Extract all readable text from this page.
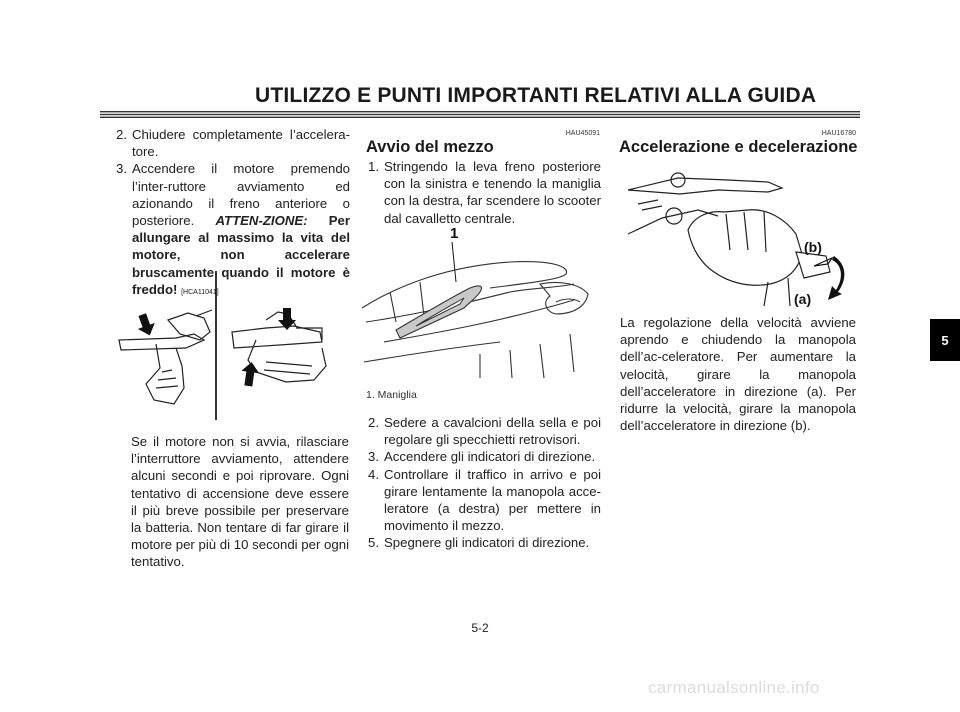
UTILIZZO E PUNTI IMPORTANTI RELATIVI ALLA GUIDA
5
2. Chiudere completamente l’accelera-tore.
3. Accendere il motore premendo l’inter-ruttore avviamento ed azionando il freno anteriore o posteriore. ATTEN-ZIONE: Per allungare al massimo la vita del motore, non accelerare bruscamente quando il motore è freddo! [HCA11041]
Se il motore non si avvia, rilasciare l’interruttore avviamento, attendere alcuni secondi e poi riprovare. Ogni tentativo di accensione deve essere il più breve possibile per preservare la batteria. Non tentare di far girare il motore per più di 10 secondi per ogni tentativo.
HAU45091
Avvio del mezzo
1. Stringendo la leva freno posteriore con la sinistra e tenendo la maniglia con la destra, far scendere lo scooter dal cavalletto centrale.
1
1. Maniglia
2. Sedere a cavalcioni della sella e poi regolare gli specchietti retrovisori.
3. Accendere gli indicatori di direzione.
4. Controllare il traffico in arrivo e poi girare lentamente la manopola acce-leratore (a destra) per mettere in movimento il mezzo.
5. Spegnere gli indicatori di direzione.
HAU16780
Accelerazione e decelerazione
(b)
(a)
La regolazione della velocità avviene aprendo e chiudendo la manopola dell’ac-celeratore. Per aumentare la velocità, girare la manopola dell’acceleratore in direzione (a). Per ridurre la velocità, girare la manopola dell’acceleratore in direzione (b).
5-2
carmanualsonline.info
